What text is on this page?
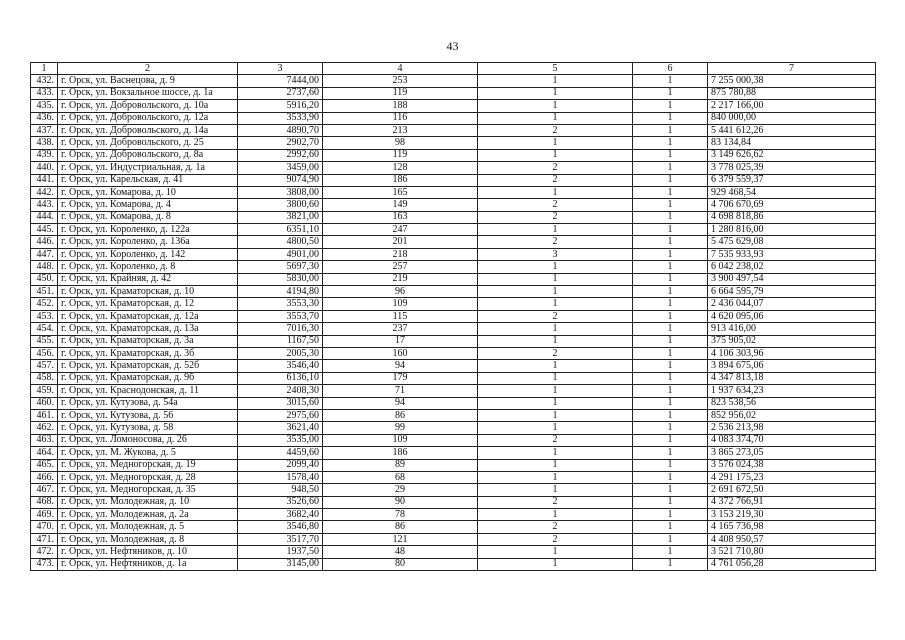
43
1	2	3	4	5	6	7
432.	г. Орск, ул. Васнецова, д. 9	7444,00	253	1	1	7 255 000,38
433.	г. Орск, ул. Вокзальное шоссе, д. 1а	2737,60	119	1	1	875 780,88
435.	г. Орск, ул. Добровольского, д. 10а	5916,20	188	1	1	2 217 166,00
436.	г. Орск, ул. Добровольского, д. 12а	3533,90	116	1	1	840 000,00
437.	г. Орск, ул. Добровольского, д. 14а	4890,70	213	2	1	5 441 612,26
438.	г. Орск, ул. Добровольского, д. 25	2902,70	98	1	1	83 134,84
439.	г. Орск, ул. Добровольского, д. 8а	2992,60	119	1	1	3 149 626,62
440.	г. Орск, ул. Индустриальная, д. 1а	3459,00	128	2	1	3 778 025,39
441.	г. Орск, ул. Карельская, д. 41	9074,90	186	2	1	6 379 559,37
442.	г. Орск, ул. Комарова, д. 10	3808,00	165	1	1	929 468,54
443.	г. Орск, ул. Комарова, д. 4	3800,60	149	2	1	4 706 670,69
444.	г. Орск, ул. Комарова, д. 8	3821,00	163	2	1	4 698 818,86
445.	г. Орск, ул. Короленко, д. 122а	6351,10	247	1	1	1 280 816,00
446.	г. Орск, ул. Короленко, д. 136а	4800,50	201	2	1	5 475 629,08
447.	г. Орск, ул. Короленко, д. 142	4901,00	218	3	1	7 535 933,93
448.	г. Орск, ул. Короленко, д. 8	5697,30	257	1	1	6 042 238,02
450.	г. Орск, ул. Крайняя, д. 42	5830,00	219	1	1	3 900 497,54
451.	г. Орск, ул. Краматорская, д. 10	4194,80	96	1	1	6 664 595,79
452.	г. Орск, ул. Краматорская, д. 12	3553,30	109	1	1	2 436 044,07
453.	г. Орск, ул. Краматорская, д. 12а	3553,70	115	2	1	4 620 095,06
454.	г. Орск, ул. Краматорская, д. 13а	7016,30	237	1	1	913 416,00
455.	г. Орск, ул. Краматорская, д. 3а	1167,50	17	1	1	375 905,02
456.	г. Орск, ул. Краматорская, д. 3б	2005,30	160	2	1	4 106 303,96
457.	г. Орск, ул. Краматорская, д. 52б	3546,40	94	1	1	3 894 675,06
458.	г. Орск, ул. Краматорская, д. 9б	6136,10	179	1	1	4 347 813,18
459.	г. Орск, ул. Краснодонская, д. 11	2408,30	71	1	1	1 937 634,23
460.	г. Орск, ул. Кутузова, д. 54а	3015,60	94	1	1	823 538,56
461.	г. Орск, ул. Кутузова, д. 56	2975,60	86	1	1	852 956,02
462.	г. Орск, ул. Кутузова, д. 58	3621,40	99	1	1	2 536 213,98
463.	г. Орск, ул. Ломоносова, д. 26	3535,00	109	2	1	4 083 374,70
464.	г. Орск, ул. М. Жукова, д. 5	4459,60	186	1	1	3 865 273,05
465.	г. Орск, ул. Медногорская, д. 19	2099,40	89	1	1	3 576 024,38
466.	г. Орск, ул. Медногорская, д. 28	1578,40	68	1	1	4 291 175,23
467.	г. Орск, ул. Медногорская, д. 35	948,50	29	1	1	2 691 672,50
468.	г. Орск, ул. Молодежная, д. 10	3526,60	90	2	1	4 372 766,91
469.	г. Орск, ул. Молодежная, д. 2а	3682,40	78	1	1	3 153 219,30
470.	г. Орск, ул. Молодежная, д. 5	3546,80	86	2	1	4 165 736,98
471.	г. Орск, ул. Молодежная, д. 8	3517,70	121	2	1	4 408 950,57
472.	г. Орск, ул. Нефтяников, д. 10	1937,50	48	1	1	3 521 710,80
473.	г. Орск, ул. Нефтяников, д. 1а	3145,00	80	1	1	4 761 056,28
